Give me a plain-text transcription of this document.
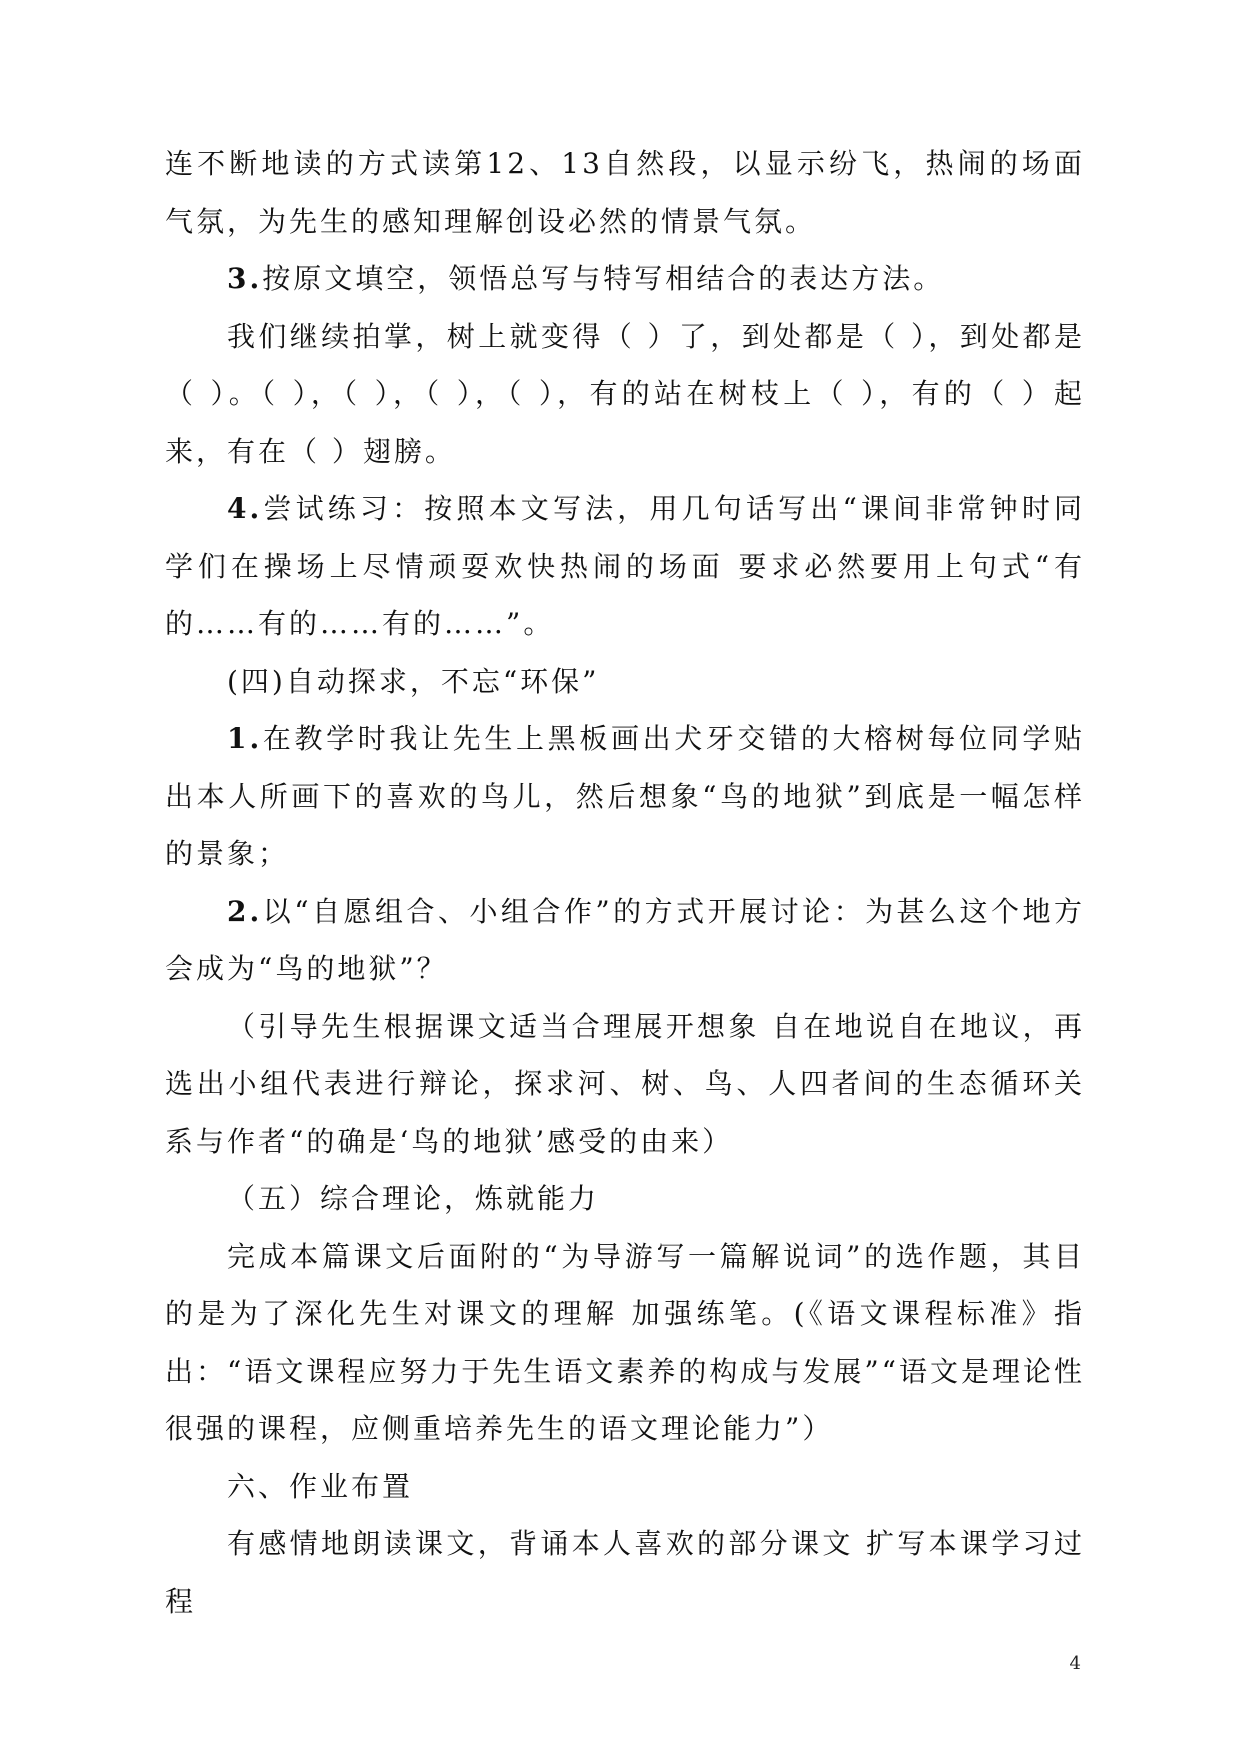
连不断地读的方式读第12、13自然段，以显示纷飞，热闹的场面气氛，为先生的感知理解创设必然的情景气氛。

3.按原文填空，领悟总写与特写相结合的表达方法。

我们继续拍掌，树上就变得（ ）了，到处都是（ ），到处都是（ ）。（ ），（ ），（ ），（ ），有的站在树枝上（ ），有的（ ）起来，有在（ ）翅膀。

4.尝试练习：按照本文写法，用几句话写出“课间非常钟时同学们在操场上尽情顽耍欢快热闹的场面 要求必然要用上句式“有的……有的……有的……”。

(四)自动探求，不忘“环保”

1.在教学时我让先生上黑板画出犬牙交错的大榕树每位同学贴出本人所画下的喜欢的鸟儿，然后想象“鸟的地狱”到底是一幅怎样的景象；

2.以“自愿组合、小组合作”的方式开展讨论：为甚么这个地方会成为“鸟的地狱”？

（引导先生根据课文适当合理展开想象 自在地说自在地议，再选出小组代表进行辩论，探求河、树、鸟、人四者间的生态循环关系与作者“的确是‘鸟的地狱’感受的由来）

（五）综合理论，炼就能力

完成本篇课文后面附的“为导游写一篇解说词”的选作题，其目的是为了深化先生对课文的理解 加强练笔。(《语文课程标准》指出：“语文课程应努力于先生语文素养的构成与发展”“语文是理论性很强的课程，应侧重培养先生的语文理论能力”）

六、作业布置

有感情地朗读课文，背诵本人喜欢的部分课文 扩写本课学习过程

4
